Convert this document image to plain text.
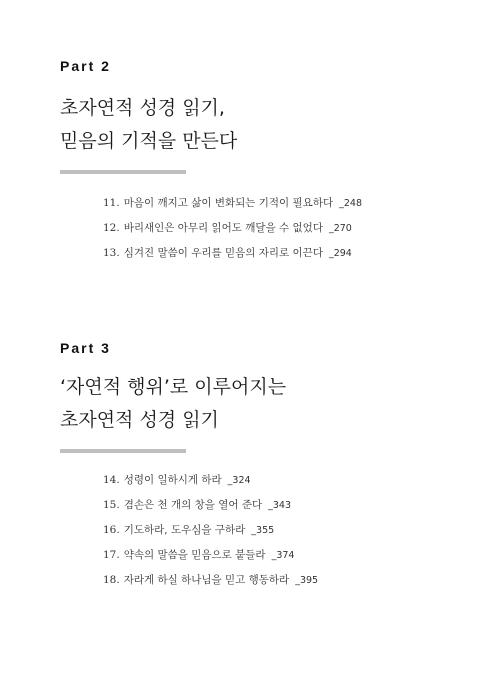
Part 2

초자연적 성경 읽기,
믿음의 기적을 만든다
11. 마음이 깨지고 삶이 변화되는 기적이 필요하다 _248
12. 바리새인은 아무리 읽어도 깨달을 수 없었다 _270
13. 심겨진 말씀이 우리를 믿음의 자리로 이끈다 _294

Part 3

‘자연적 행위’로 이루어지는
초자연적 성경 읽기
14. 성령이 일하시게 하라 _324
15. 겸손은 천 개의 창을 열어 준다 _343
16. 기도하라, 도우심을 구하라 _355
17. 약속의 말씀을 믿음으로 붙들라 _374
18. 자라게 하실 하나님을 믿고 행동하라 _395
